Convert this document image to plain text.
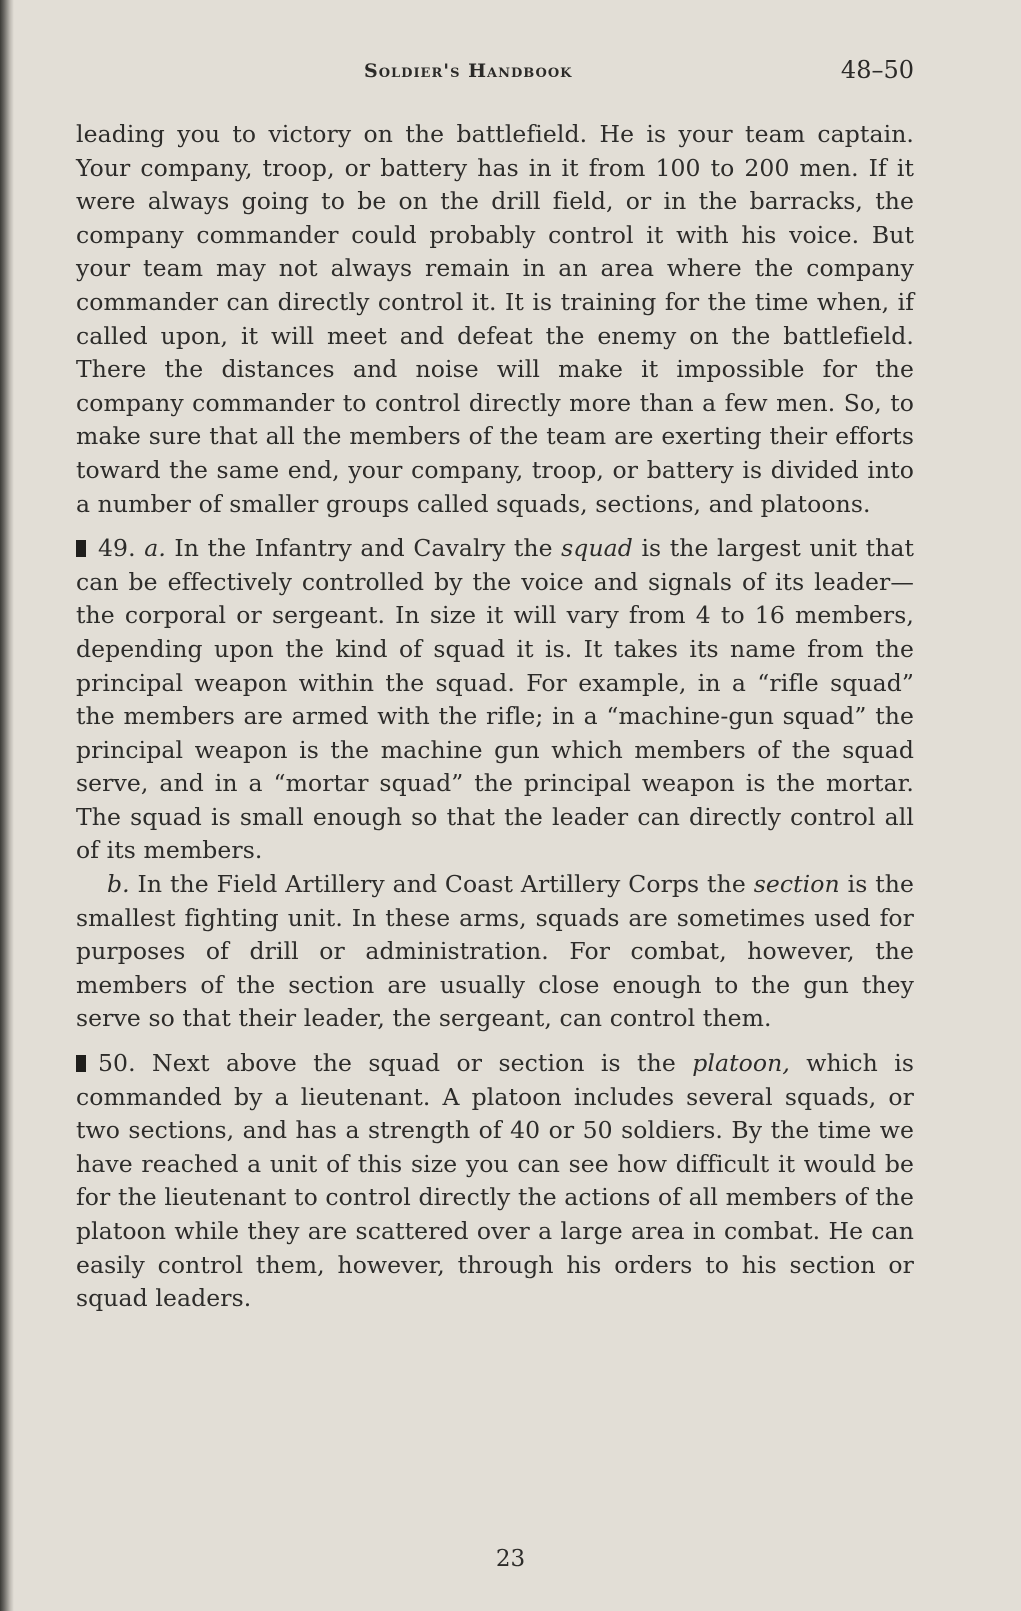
Soldier's Handbook	48–50

leading you to victory on the battlefield. He is your team captain. Your company, troop, or battery has in it from 100 to 200 men. If it were always going to be on the drill field, or in the barracks, the company commander could probably control it with his voice. But your team may not always remain in an area where the company commander can directly control it. It is training for the time when, if called upon, it will meet and defeat the enemy on the battlefield. There the distances and noise will make it impossible for the company commander to control directly more than a few men. So, to make sure that all the members of the team are exerting their efforts toward the same end, your company, troop, or battery is divided into a number of smaller groups called squads, sections, and platoons.

49. a. In the Infantry and Cavalry the squad is the largest unit that can be effectively controlled by the voice and signals of its leader—the corporal or sergeant. In size it will vary from 4 to 16 members, depending upon the kind of squad it is. It takes its name from the principal weapon within the squad. For example, in a “rifle squad” the members are armed with the rifle; in a “machine-gun squad” the principal weapon is the machine gun which members of the squad serve, and in a “mortar squad” the principal weapon is the mortar. The squad is small enough so that the leader can directly control all of its members.

b. In the Field Artillery and Coast Artillery Corps the section is the smallest fighting unit. In these arms, squads are sometimes used for purposes of drill or administration. For combat, however, the members of the section are usually close enough to the gun they serve so that their leader, the sergeant, can control them.

50. Next above the squad or section is the platoon, which is commanded by a lieutenant. A platoon includes several squads, or two sections, and has a strength of 40 or 50 soldiers. By the time we have reached a unit of this size you can see how difficult it would be for the lieutenant to control directly the actions of all members of the platoon while they are scattered over a large area in combat. He can easily control them, however, through his orders to his section or squad leaders.

23
